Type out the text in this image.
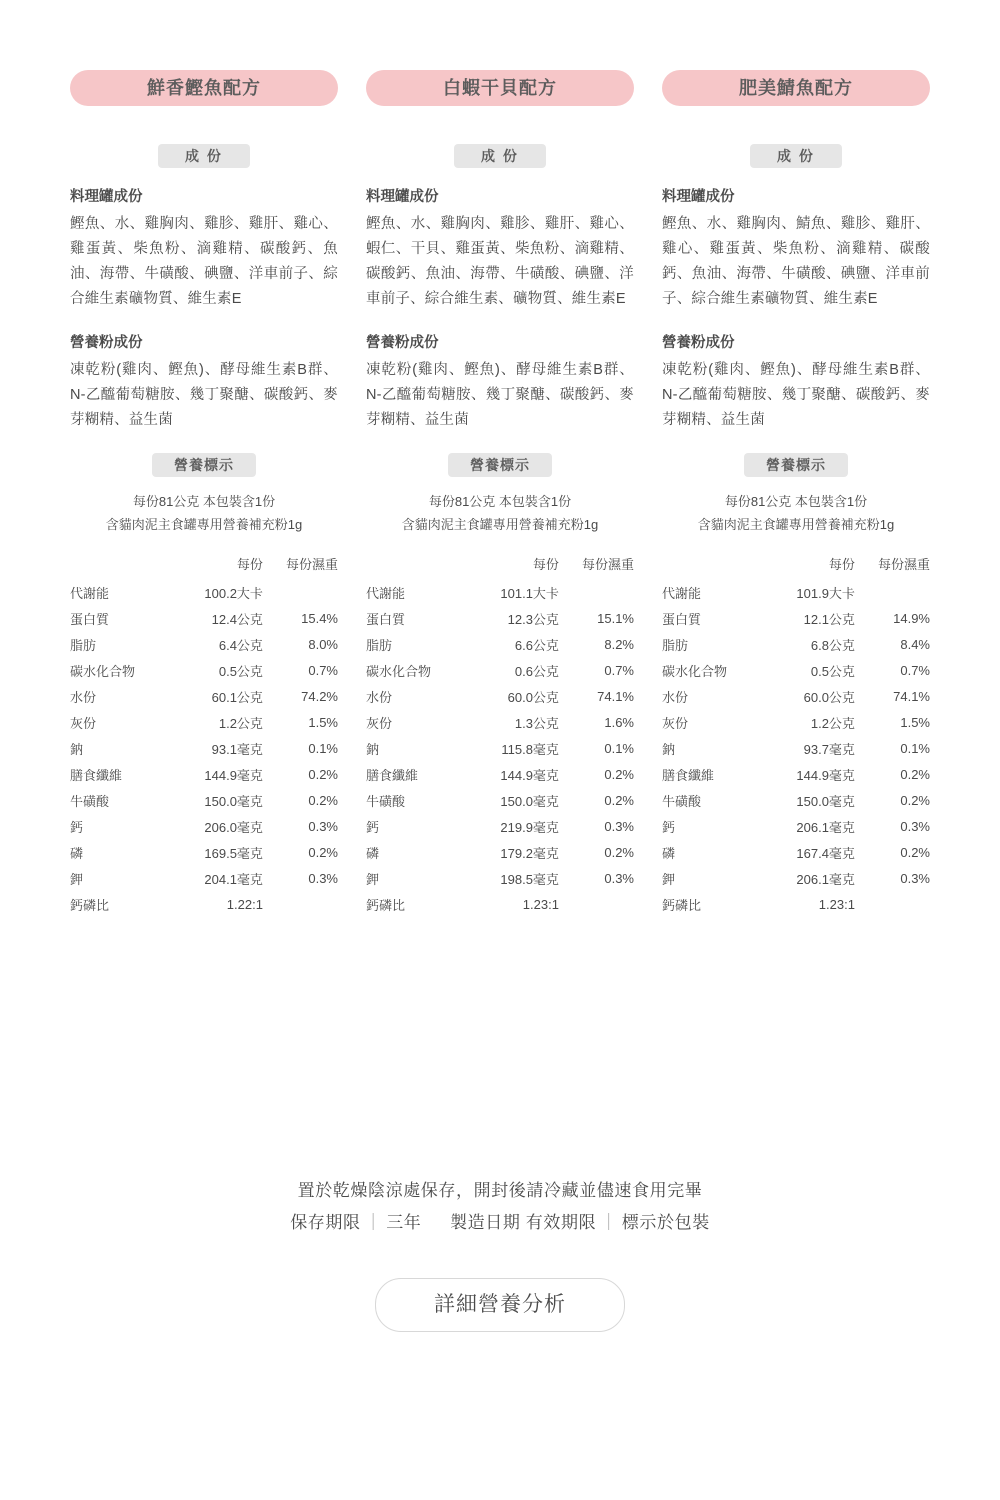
鮮香鰹魚配方
成 份
料理罐成份
鰹魚、水、雞胸肉、雞胗、雞肝、雞心、雞蛋黃、柴魚粉、滴雞精、碳酸鈣、魚油、海帶、牛磺酸、碘鹽、洋車前子、綜合維生素礦物質、維生素E
營養粉成份
凍乾粉(雞肉、鰹魚)、酵母維生素B群、N-乙醯葡萄糖胺、幾丁聚醣、碳酸鈣、麥芽糊精、益生菌
營養標示
每份81公克 本包裝含1份
含貓肉泥主食罐專用營養補充粉1g
	每份	每份濕重
代謝能	100.2大卡	
蛋白質	12.4公克	15.4%
脂肪	6.4公克	8.0%
碳水化合物	0.5公克	0.7%
水份	60.1公克	74.2%
灰份	1.2公克	1.5%
鈉	93.1毫克	0.1%
膳食纖維	144.9毫克	0.2%
牛磺酸	150.0毫克	0.2%
鈣	206.0毫克	0.3%
磷	169.5毫克	0.2%
鉀	204.1毫克	0.3%
鈣磷比	1.22:1	
白蝦干貝配方
成 份
料理罐成份
鰹魚、水、雞胸肉、雞胗、雞肝、雞心、蝦仁、干貝、雞蛋黃、柴魚粉、滴雞精、碳酸鈣、魚油、海帶、牛磺酸、碘鹽、洋車前子、綜合維生素、礦物質、維生素E
營養粉成份
凍乾粉(雞肉、鰹魚)、酵母維生素B群、N-乙醯葡萄糖胺、幾丁聚醣、碳酸鈣、麥芽糊精、益生菌
營養標示
每份81公克 本包裝含1份
含貓肉泥主食罐專用營養補充粉1g
	每份	每份濕重
代謝能	101.1大卡	
蛋白質	12.3公克	15.1%
脂肪	6.6公克	8.2%
碳水化合物	0.6公克	0.7%
水份	60.0公克	74.1%
灰份	1.3公克	1.6%
鈉	115.8毫克	0.1%
膳食纖維	144.9毫克	0.2%
牛磺酸	150.0毫克	0.2%
鈣	219.9毫克	0.3%
磷	179.2毫克	0.2%
鉀	198.5毫克	0.3%
鈣磷比	1.23:1	
肥美鯖魚配方
成 份
料理罐成份
鰹魚、水、雞胸肉、鯖魚、雞胗、雞肝、雞心、雞蛋黃、柴魚粉、滴雞精、碳酸鈣、魚油、海帶、牛磺酸、碘鹽、洋車前子、綜合維生素礦物質、維生素E
營養粉成份
凍乾粉(雞肉、鰹魚)、酵母維生素B群、N-乙醯葡萄糖胺、幾丁聚醣、碳酸鈣、麥芽糊精、益生菌
營養標示
每份81公克 本包裝含1份
含貓肉泥主食罐專用營養補充粉1g
	每份	每份濕重
代謝能	101.9大卡	
蛋白質	12.1公克	14.9%
脂肪	6.8公克	8.4%
碳水化合物	0.5公克	0.7%
水份	60.0公克	74.1%
灰份	1.2公克	1.5%
鈉	93.7毫克	0.1%
膳食纖維	144.9毫克	0.2%
牛磺酸	150.0毫克	0.2%
鈣	206.1毫克	0.3%
磷	167.4毫克	0.2%
鉀	206.1毫克	0.3%
鈣磷比	1.23:1	
置於乾燥陰涼處保存，開封後請冷藏並儘速食用完畢
保存期限 ｜ 三年 製造日期 有效期限 ｜ 標示於包裝
詳細營養分析
